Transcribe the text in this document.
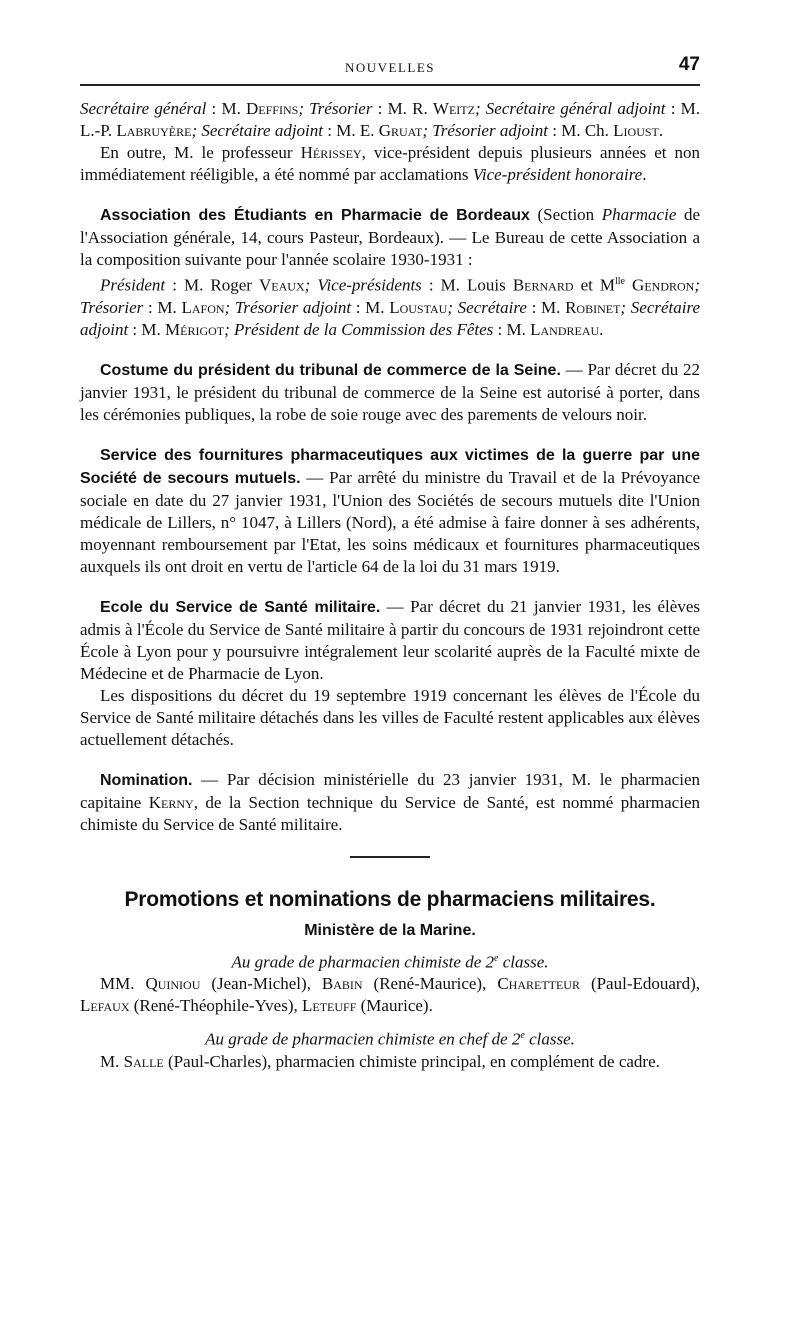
NOUVELLES	47

Secrétaire général : M. Deffins; Trésorier : M. R. Weitz; Secrétaire général adjoint : M. L.-P. Labruyère; Secrétaire adjoint : M. E. Gruat; Trésorier adjoint : M. Ch. Lioust.

En outre, M. le professeur Hérissey, vice-président depuis plusieurs années et non immédiatement rééligible, a été nommé par acclamations Vice-président honoraire.

Association des Étudiants en Pharmacie de Bordeaux (Section Pharmacie de l'Association générale, 14, cours Pasteur, Bordeaux). — Le Bureau de cette Association a la composition suivante pour l'année scolaire 1930-1931 :

Président : M. Roger Veaux; Vice-présidents : M. Louis Bernard et $M^{lle}$ Gendron; Trésorier : M. Lafon; Trésorier adjoint : M. Loustau; Secrétaire : M. Robinet; Secrétaire adjoint : M. Mérigot; Président de la Commission des Fêtes : M. Landreau.

Costume du président du tribunal de commerce de la Seine. — Par décret du 22 janvier 1931, le président du tribunal de commerce de la Seine est autorisé à porter, dans les cérémonies publiques, la robe de soie rouge avec des parements de velours noir.

Service des fournitures pharmaceutiques aux victimes de la guerre par une Société de secours mutuels. — Par arrêté du ministre du Travail et de la Prévoyance sociale en date du 27 janvier 1931, l'Union des Sociétés de secours mutuels dite l'Union médicale de Lillers, n° 1047, à Lillers (Nord), a été admise à faire donner à ses adhérents, moyennant remboursement par l'Etat, les soins médicaux et fournitures pharmaceutiques auxquels ils ont droit en vertu de l'article 64 de la loi du 31 mars 1919.

Ecole du Service de Santé militaire. — Par décret du 21 janvier 1931, les élèves admis à l'École du Service de Santé militaire à partir du concours de 1931 rejoindront cette École à Lyon pour y poursuivre intégralement leur scolarité auprès de la Faculté mixte de Médecine et de Pharmacie de Lyon.

Les dispositions du décret du 19 septembre 1919 concernant les élèves de l'École du Service de Santé militaire détachés dans les villes de Faculté restent applicables aux élèves actuellement détachés.

Nomination. — Par décision ministérielle du 23 janvier 1931, M. le pharmacien capitaine Kerny, de la Section technique du Service de Santé, est nommé pharmacien chimiste du Service de Santé militaire.

Promotions et nominations de pharmaciens militaires.
Ministère de la Marine.
Au grade de pharmacien chimiste de 2e classe.

MM. Quiniou (Jean-Michel), Babin (René-Maurice), Charetteur (Paul-Edouard), Lefaux (René-Théophile-Yves), Leteuff (Maurice).

Au grade de pharmacien chimiste en chef de 2e classe.

M. Salle (Paul-Charles), pharmacien chimiste principal, en complément de cadre.
